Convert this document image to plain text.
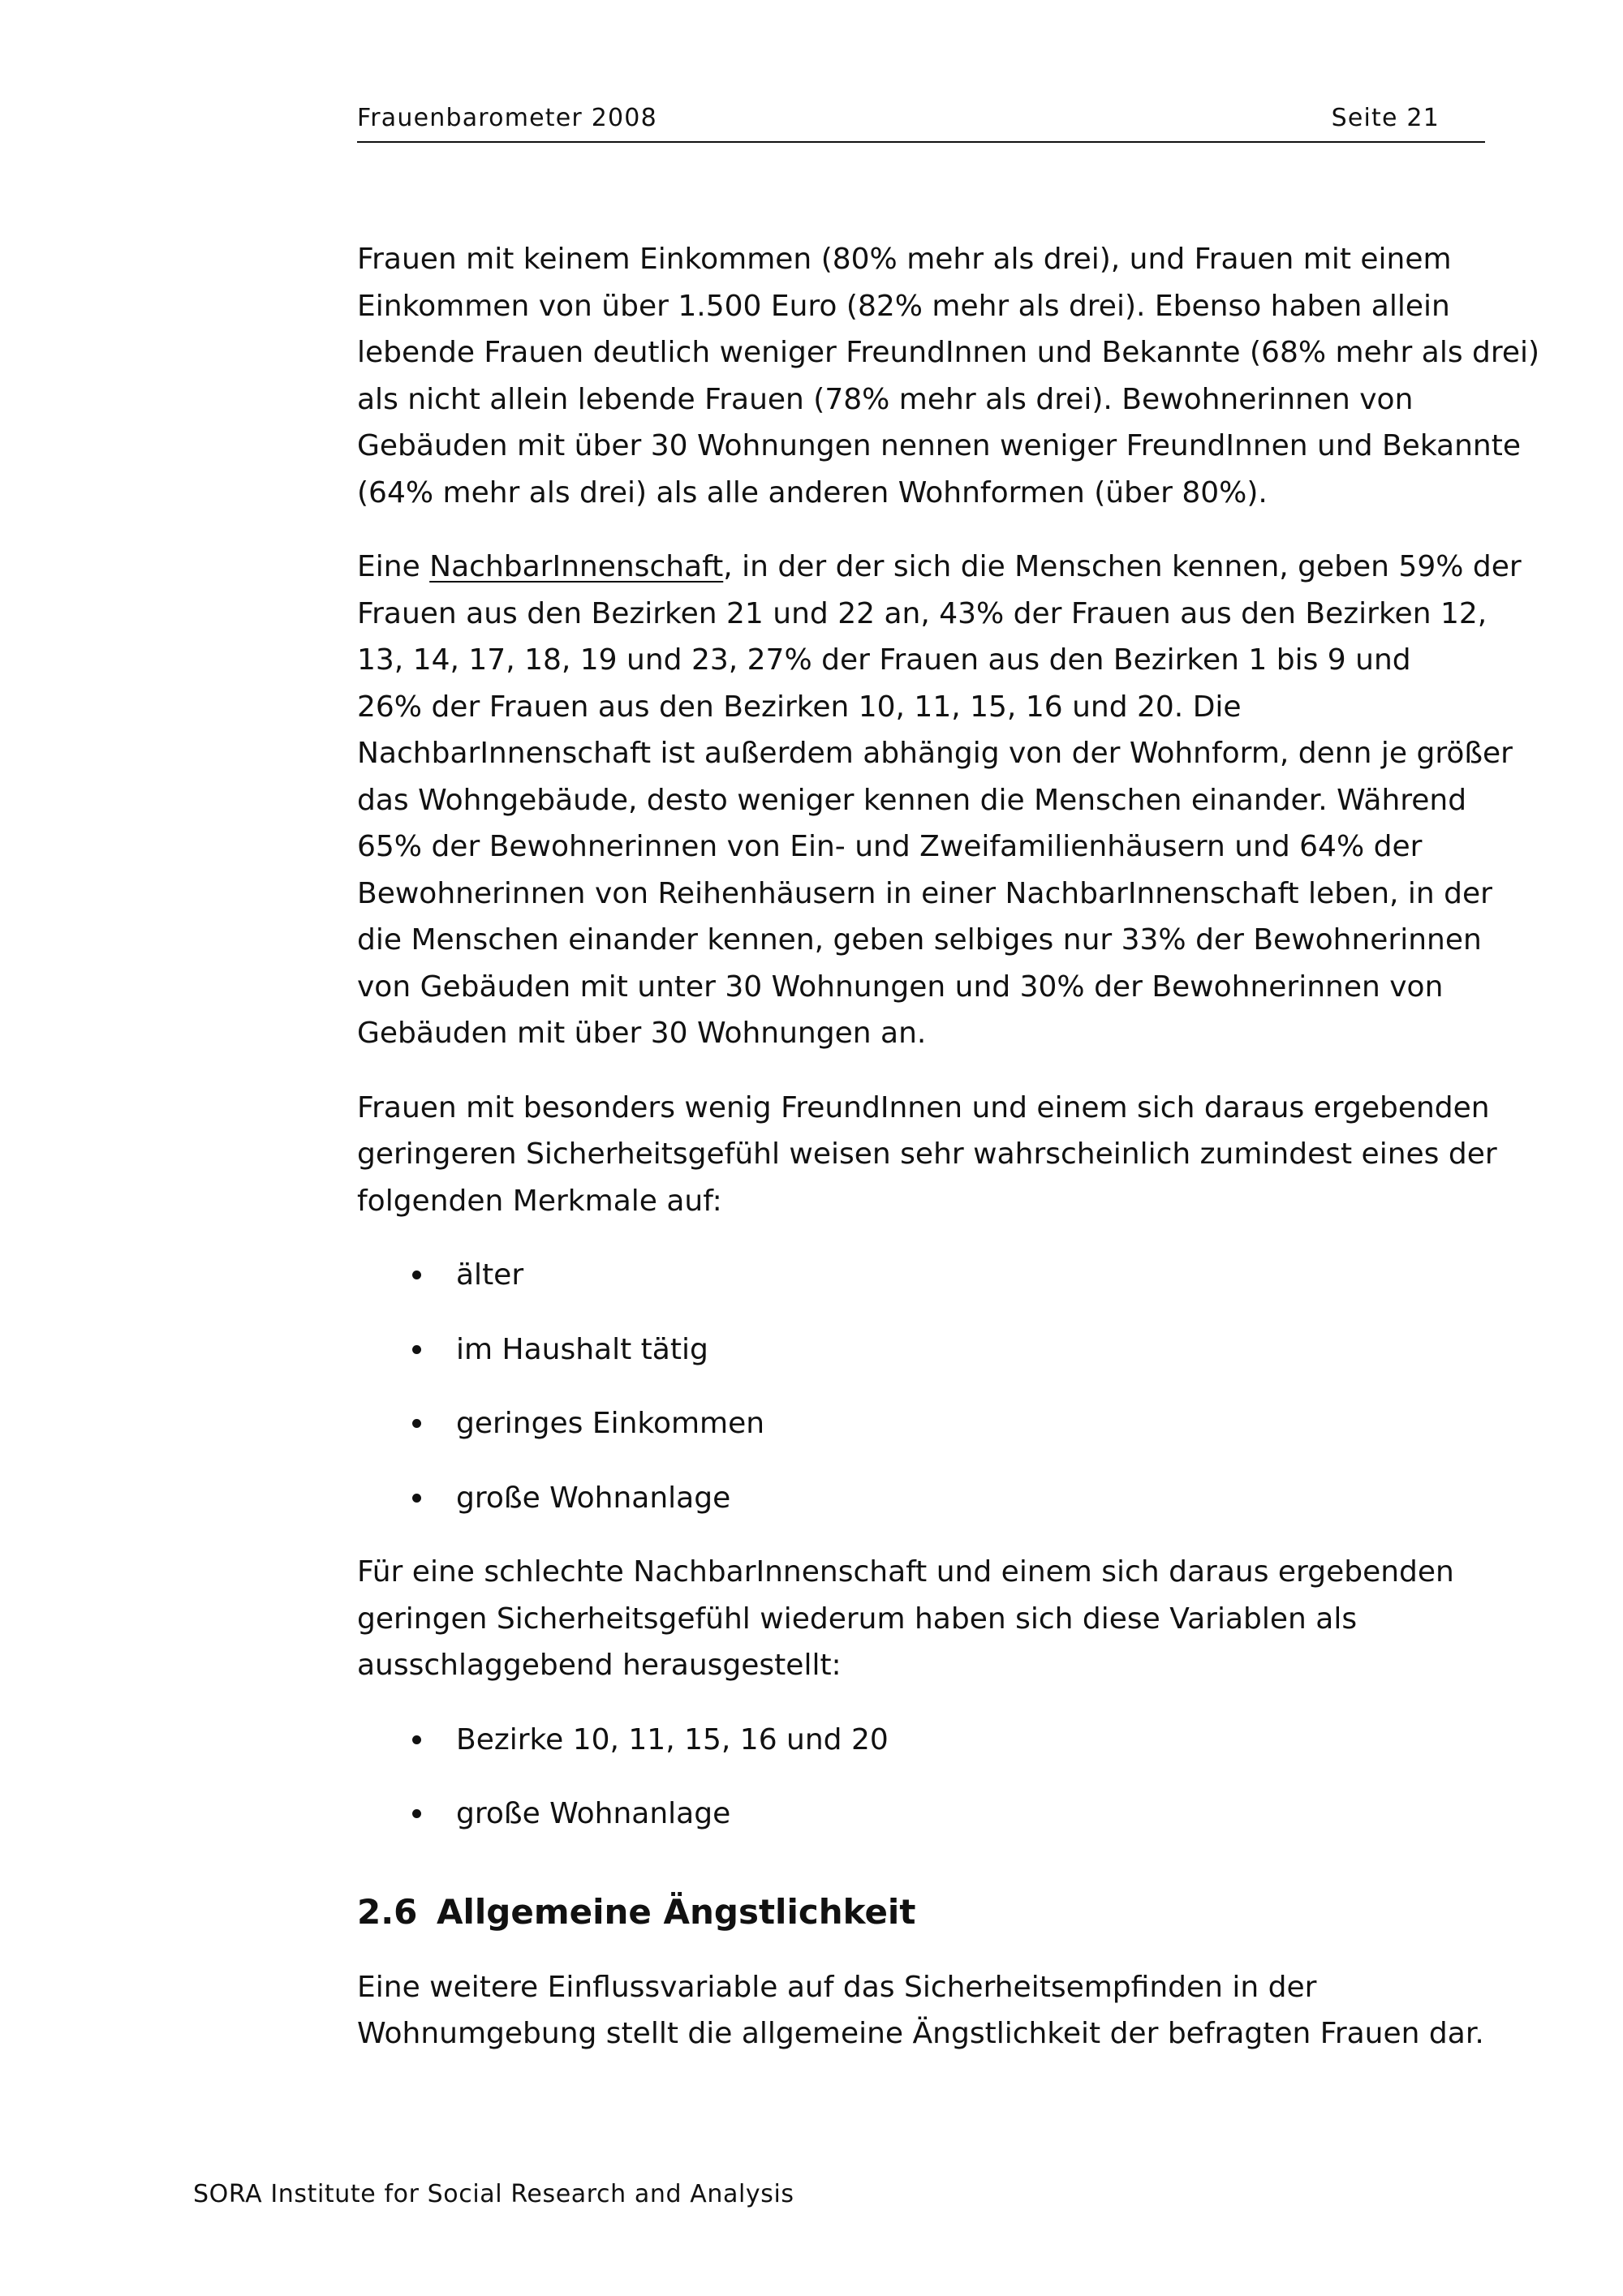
Frauenbarometer 2008	Seite 21

Frauen mit keinem Einkommen (80% mehr als drei), und Frauen mit einem
Einkommen von über 1.500 Euro (82% mehr als drei). Ebenso haben allein
lebende Frauen deutlich weniger FreundInnen und Bekannte (68% mehr als drei)
als nicht allein lebende Frauen (78% mehr als drei). Bewohnerinnen von
Gebäuden mit über 30 Wohnungen nennen weniger FreundInnen und Bekannte
(64% mehr als drei) als alle anderen Wohnformen (über 80%).

Eine NachbarInnenschaft, in der der sich die Menschen kennen, geben 59% der
Frauen aus den Bezirken 21 und 22 an, 43% der Frauen aus den Bezirken 12,
13, 14, 17, 18, 19 und 23, 27% der Frauen aus den Bezirken 1 bis 9 und
26% der Frauen aus den Bezirken 10, 11, 15, 16 und 20. Die
NachbarInnenschaft ist außerdem abhängig von der Wohnform, denn je größer
das Wohngebäude, desto weniger kennen die Menschen einander. Während
65% der Bewohnerinnen von Ein- und Zweifamilienhäusern und 64% der
Bewohnerinnen von Reihenhäusern in einer NachbarInnenschaft leben, in der
die Menschen einander kennen, geben selbiges nur 33% der Bewohnerinnen
von Gebäuden mit unter 30 Wohnungen und 30% der Bewohnerinnen von
Gebäuden mit über 30 Wohnungen an.

Frauen mit besonders wenig FreundInnen und einem sich daraus ergebenden
geringeren Sicherheitsgefühl weisen sehr wahrscheinlich zumindest eines der
folgenden Merkmale auf:

älter
im Haushalt tätig
geringes Einkommen
große Wohnanlage

Für eine schlechte NachbarInnenschaft und einem sich daraus ergebenden
geringen Sicherheitsgefühl wiederum haben sich diese Variablen als
ausschlaggebend herausgestellt:

Bezirke 10, 11, 15, 16 und 20
große Wohnanlage
2.6 Allgemeine Ängstlichkeit

Eine weitere Einflussvariable auf das Sicherheitsempfinden in der
Wohnumgebung stellt die allgemeine Ängstlichkeit der befragten Frauen dar.

SORA Institute for Social Research and Analysis
